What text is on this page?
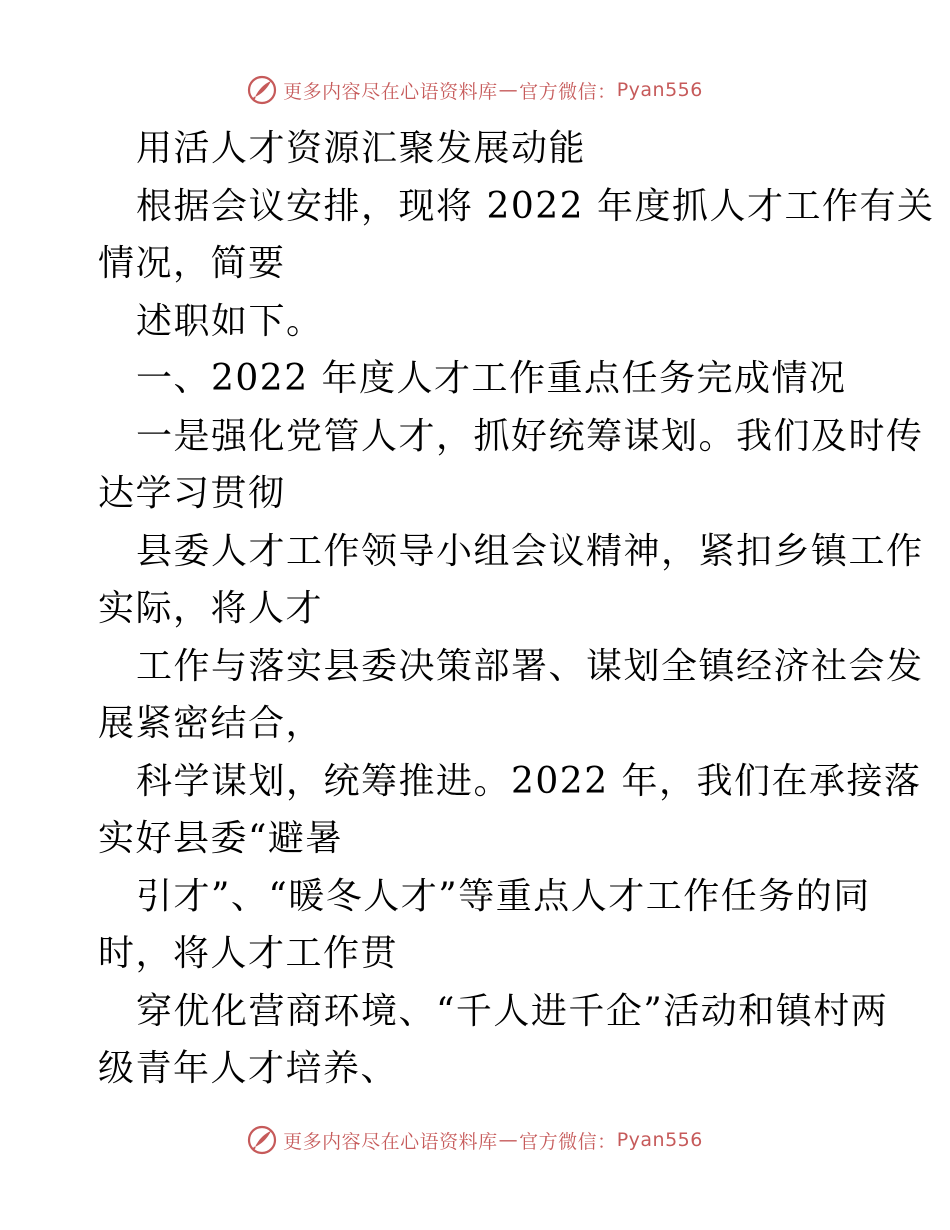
更多内容尽在心语资料库 — 官方微信： Pyan556

用活人才资源汇聚发展动能

根据会议安排，现将 2022 年度抓人才工作有关

情况，简要

述职如下。

一、2022 年度人才工作重点任务完成情况

一是强化党管人才，抓好统筹谋划。我们及时传

达学习贯彻

县委人才工作领导小组会议精神，紧扣乡镇工作

实际，将人才

工作与落实县委决策部署、谋划全镇经济社会发

展紧密结合，

科学谋划，统筹推进。2022 年，我们在承接落

实好县委“避暑

引才”、“暖冬人才”等重点人才工作任务的同

时，将人才工作贯

穿优化营商环境、“千人进千企”活动和镇村两

级青年人才培养、

更多内容尽在心语资料库 — 官方微信： Pyan556
